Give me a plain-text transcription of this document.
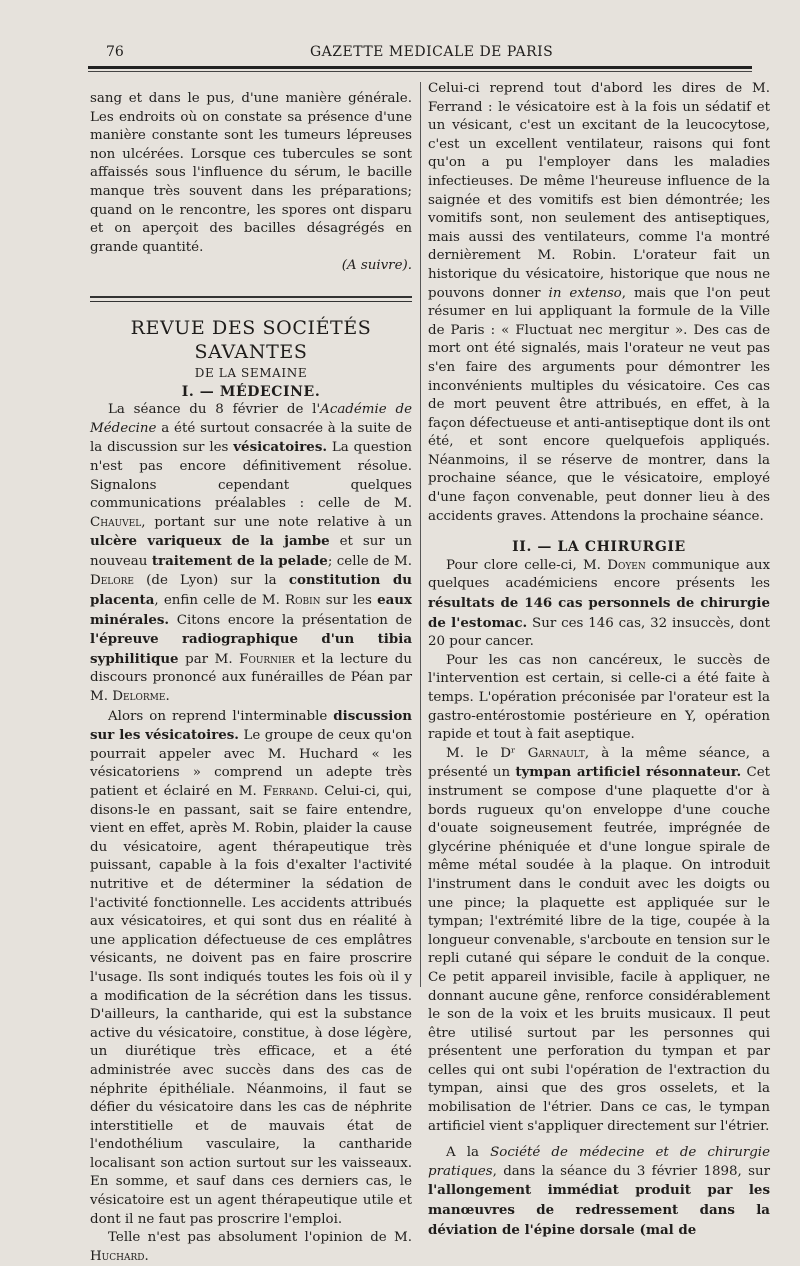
76	GAZETTE MEDICALE DE PARIS

sang et dans le pus, d'une manière générale. Les endroits où on constate sa présence d'une manière constante sont les tumeurs lépreuses non ulcérées. Lorsque ces tubercules se sont affaissés sous l'influence du sérum, le bacille manque très souvent dans les préparations; quand on le rencontre, les spores ont disparu et on aperçoit des bacilles désagrégés en grande quantité.

(A suivre).

REVUE DES SOCIÉTÉS SAVANTES

DE LA SEMAINE

I. — MÉDECINE.

La séance du 8 février de l'Académie de Médecine a été surtout consacrée à la suite de la discussion sur les vésicatoires. La question n'est pas encore définitivement résolue. Signalons cependant quelques communications préalables : celle de M. Chauvel, portant sur une note relative à un ulcère variqueux de la jambe et sur un nouveau traitement de la pelade; celle de M. Delore (de Lyon) sur la constitution du placenta, enfin celle de M. Robin sur les eaux minérales. Citons encore la présentation de l'épreuve radiographique d'un tibia syphilitique par M. Fournier et la lecture du discours prononcé aux funérailles de Péan par M. Delorme.

Alors on reprend l'interminable discussion sur les vésicatoires. Le groupe de ceux qu'on pourrait appeler avec M. Huchard « les vésicatoriens » comprend un adepte très patient et éclairé en M. Ferrand. Celui-ci, qui, disons-le en passant, sait se faire entendre, vient en effet, après M. Robin, plaider la cause du vésicatoire, agent thérapeutique très puissant, capable à la fois d'exalter l'activité nutritive et de déterminer la sédation de l'activité fonctionnelle. Les accidents attribués aux vésicatoires, et qui sont dus en réalité à une application défectueuse de ces emplâtres vésicants, ne doivent pas en faire proscrire l'usage. Ils sont indiqués toutes les fois où il y a modification de la sécrétion dans les tissus. D'ailleurs, la cantharide, qui est la substance active du vésicatoire, constitue, à dose légère, un diurétique très efficace, et a été administrée avec succès dans des cas de néphrite épithéliale. Néanmoins, il faut se défier du vésicatoire dans les cas de néphrite interstitielle et de mauvais état de l'endothélium vasculaire, la cantharide localisant son action surtout sur les vaisseaux. En somme, et sauf dans ces derniers cas, le vésicatoire est un agent thérapeutique utile et dont il ne faut pas proscrire l'emploi.

Telle n'est pas absolument l'opinion de M. Huchard.

Celui-ci reprend tout d'abord les dires de M. Ferrand : le vésicatoire est à la fois un sédatif et un vésicant, c'est un excitant de la leucocytose, c'est un excellent ventilateur, raisons qui font qu'on a pu l'employer dans les maladies infectieuses. De même l'heureuse influence de la saignée et des vomitifs est bien démontrée; les vomitifs sont, non seulement des antiseptiques, mais aussi des ventilateurs, comme l'a montré dernièrement M. Robin. L'orateur fait un historique du vésicatoire, historique que nous ne pouvons donner in extenso, mais que l'on peut résumer en lui appliquant la formule de la Ville de Paris : « Fluctuat nec mergitur ». Des cas de mort ont été signalés, mais l'orateur ne veut pas s'en faire des arguments pour démontrer les inconvénients multiples du vésicatoire. Ces cas de mort peuvent être attribués, en effet, à la façon défectueuse et anti-antiseptique dont ils ont été, et sont encore quelquefois appliqués. Néanmoins, il se réserve de montrer, dans la prochaine séance, que le vésicatoire, employé d'une façon convenable, peut donner lieu à des accidents graves. Attendons la prochaine séance.

II. — LA CHIRURGIE

Pour clore celle-ci, M. Doyen communique aux quelques académiciens encore présents les résultats de 146 cas personnels de chirurgie de l'estomac. Sur ces 146 cas, 32 insuccès, dont 20 pour cancer.

Pour les cas non cancéreux, le succès de l'intervention est certain, si celle-ci a été faite à temps. L'opération préconisée par l'orateur est la gastro-entérostomie postérieure en Y, opération rapide et tout à fait aseptique.

M. le Dʳ Garnault, à la même séance, a présenté un tympan artificiel résonnateur. Cet instrument se compose d'une plaquette d'or à bords rugueux qu'on enveloppe d'une couche d'ouate soigneusement feutrée, imprégnée de glycérine phéniquée et d'une longue spirale de même métal soudée à la plaque. On introduit l'instrument dans le conduit avec les doigts ou une pince; la plaquette est appliquée sur le tympan; l'extrémité libre de la tige, coupée à la longueur convenable, s'arcboute en tension sur le repli cutané qui sépare le conduit de la conque. Ce petit appareil invisible, facile à appliquer, ne donnant aucune gêne, renforce considérablement le son de la voix et les bruits musicaux. Il peut être utilisé surtout par les personnes qui présentent une perforation du tympan et par celles qui ont subi l'opération de l'extraction du tympan, ainsi que des gros osselets, et la mobilisation de l'étrier. Dans ce cas, le tympan artificiel vient s'appliquer directement sur l'étrier.

A la Société de médecine et de chirurgie pratiques, dans la séance du 3 février 1898, sur l'allongement immédiat produit par les manœuvres de redressement dans la déviation de l'épine dorsale (mal de
